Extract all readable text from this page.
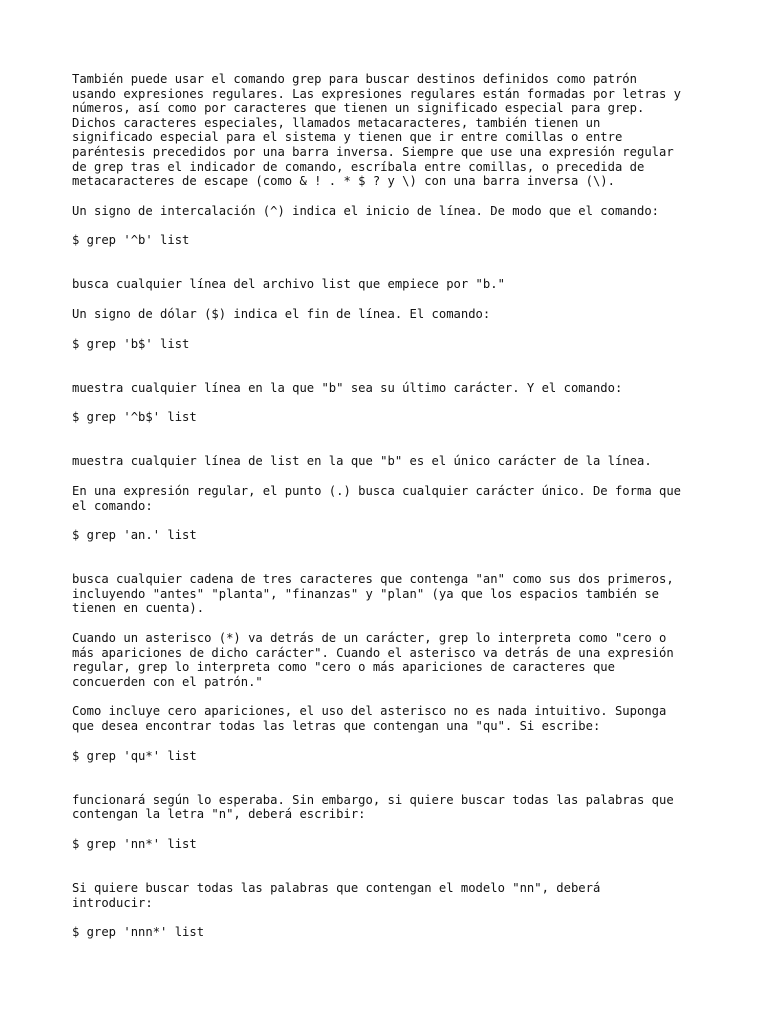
También puede usar el comando grep para buscar destinos definidos como patrón
usando expresiones regulares. Las expresiones regulares están formadas por letras y
números, así como por caracteres que tienen un significado especial para grep.
Dichos caracteres especiales, llamados metacaracteres, también tienen un
significado especial para el sistema y tienen que ir entre comillas o entre
paréntesis precedidos por una barra inversa. Siempre que use una expresión regular
de grep tras el indicador de comando, escríbala entre comillas, o precedida de
metacaracteres de escape (como & ! . * $ ? y \) con una barra inversa (\).

Un signo de intercalación (^) indica el inicio de línea. De modo que el comando:

$ grep '^b' list

busca cualquier línea del archivo list que empiece por "b."

Un signo de dólar ($) indica el fin de línea. El comando:

$ grep 'b$' list

muestra cualquier línea en la que "b" sea su último carácter. Y el comando:

$ grep '^b$' list

muestra cualquier línea de list en la que "b" es el único carácter de la línea.

En una expresión regular, el punto (.) busca cualquier carácter único. De forma que
el comando:

$ grep 'an.' list

busca cualquier cadena de tres caracteres que contenga "an" como sus dos primeros,
incluyendo "antes" "planta", "finanzas" y "plan" (ya que los espacios también se
tienen en cuenta).

Cuando un asterisco (*) va detrás de un carácter, grep lo interpreta como "cero o
más apariciones de dicho carácter". Cuando el asterisco va detrás de una expresión
regular, grep lo interpreta como "cero o más apariciones de caracteres que
concuerden con el patrón."

Como incluye cero apariciones, el uso del asterisco no es nada intuitivo. Suponga
que desea encontrar todas las letras que contengan una "qu". Si escribe:

$ grep 'qu*' list

funcionará según lo esperaba. Sin embargo, si quiere buscar todas las palabras que
contengan la letra "n", deberá escribir:

$ grep 'nn*' list

Si quiere buscar todas las palabras que contengan el modelo "nn", deberá
introducir:

$ grep 'nnn*' list
